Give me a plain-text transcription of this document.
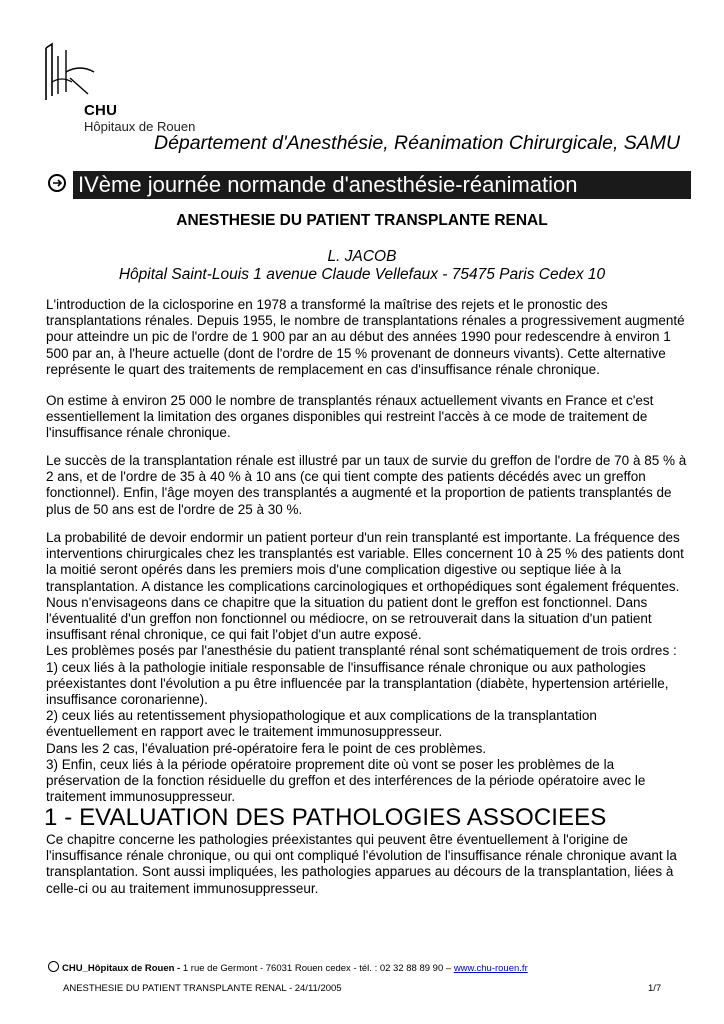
CHU
Hôpitaux de Rouen
Département d'Anesthésie, Réanimation Chirurgicale, SAMU
IVème journée normande d'anesthésie-réanimation
ANESTHESIE DU PATIENT TRANSPLANTE RENAL
L. JACOB
Hôpital Saint-Louis 1 avenue Claude Vellefaux - 75475 Paris Cedex 10

L'introduction de la ciclosporine en 1978 a transformé la maîtrise des rejets et le pronostic des transplantations rénales. Depuis 1955, le nombre de transplantations rénales a progressivement augmenté pour atteindre un pic de l'ordre de 1 900 par an au début des années 1990 pour redescendre à environ 1 500 par an, à l'heure actuelle (dont de l'ordre de 15 % provenant de donneurs vivants). Cette alternative représente le quart des traitements de remplacement en cas d'insuffisance rénale chronique.

On estime à environ 25 000 le nombre de transplantés rénaux actuellement vivants en France et c'est essentiellement la limitation des organes disponibles qui restreint l'accès à ce mode de traitement de l'insuffisance rénale chronique.

Le succès de la transplantation rénale est illustré par un taux de survie du greffon de l'ordre de 70 à 85 % à 2 ans, et de l'ordre de 35 à 40 % à 10 ans (ce qui tient compte des patients décédés avec un greffon fonctionnel). Enfin, l'âge moyen des transplantés a augmenté et la proportion de patients transplantés de plus de 50 ans est de l'ordre de 25 à 30 %.

La probabilité de devoir endormir un patient porteur d'un rein transplanté est importante. La fréquence des interventions chirurgicales chez les transplantés est variable. Elles concernent 10 à 25 % des patients dont la moitié seront opérés dans les premiers mois d'une complication digestive ou septique liée à la transplantation. A distance les complications carcinologiques et orthopédiques sont également fréquentes. Nous n'envisageons dans ce chapitre que la situation du patient dont le greffon est fonctionnel. Dans l'éventualité d'un greffon non fonctionnel ou médiocre, on se retrouverait dans la situation d'un patient insuffisant rénal chronique, ce qui fait l'objet d'un autre exposé.

Les problèmes posés par l'anesthésie du patient transplanté rénal sont schématiquement de trois ordres :

1) ceux liés à la pathologie initiale responsable de l'insuffisance rénale chronique ou aux pathologies préexistantes dont l'évolution a pu être influencée par la transplantation (diabète, hypertension artérielle, insuffisance coronarienne).

2) ceux liés au retentissement physiopathologique et aux complications de la transplantation éventuellement en rapport avec le traitement immunosuppresseur.

Dans les 2 cas, l'évaluation pré-opératoire fera le point de ces problèmes.

3) Enfin, ceux liés à la période opératoire proprement dite où vont se poser les problèmes de la préservation de la fonction résiduelle du greffon et des interférences de la période opératoire avec le traitement immunosuppresseur.

1 - EVALUATION DES PATHOLOGIES ASSOCIEES

Ce chapitre concerne les pathologies préexistantes qui peuvent être éventuellement à l'origine de l'insuffisance rénale chronique, ou qui ont compliqué l'évolution de l'insuffisance rénale chronique avant la transplantation. Sont aussi impliquées, les pathologies apparues au décours de la transplantation, liées à celle-ci ou au traitement immunosuppresseur.

CHU_Hôpitaux de Rouen - 1 rue de Germont - 76031 Rouen cedex - tél. : 02 32 88 89 90 – www.chu-rouen.fr
ANESTHESIE DU PATIENT TRANSPLANTE RENAL - 24/11/2005	1/7
